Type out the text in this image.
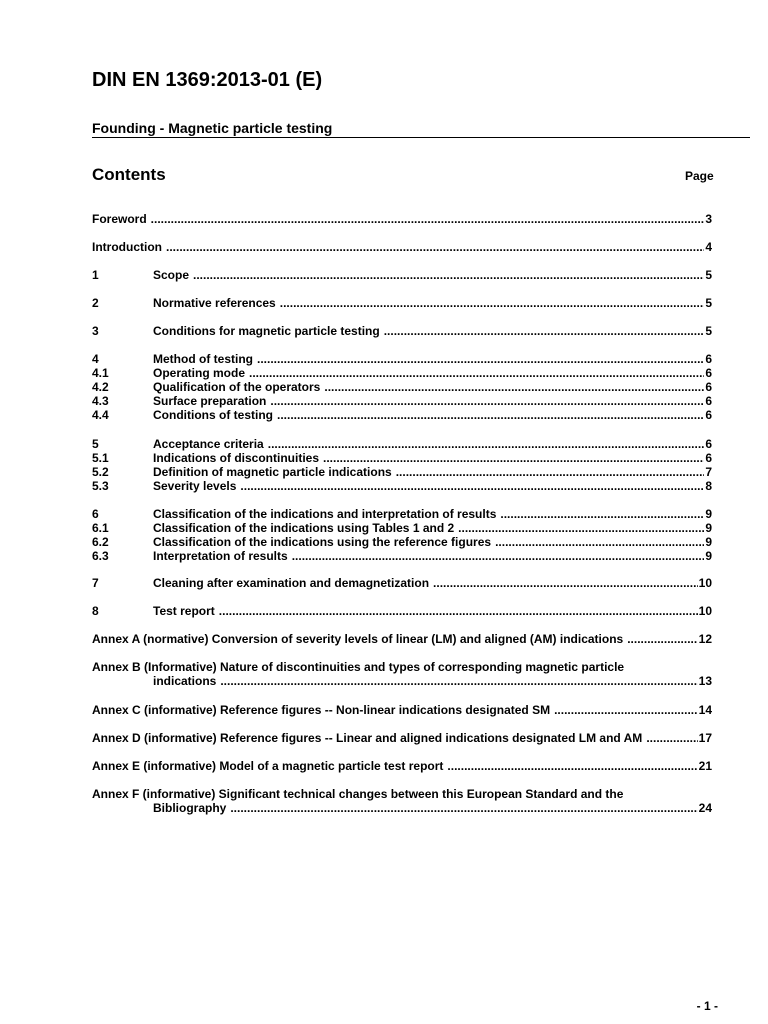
DIN EN 1369:2013-01 (E)
Founding - Magnetic particle testing
Contents	Page
Foreword .....	3
Introduction .....	4
1	Scope .....	5
2	Normative references .....	5
3	Conditions for magnetic particle testing .....	5
4	Method of testing .....	6
4.1	Operating mode .....	6
4.2	Qualification of the operators .....	6
4.3	Surface preparation .....	6
4.4	Conditions of testing .....	6
5	Acceptance criteria .....	6
5.1	Indications of discontinuities .....	6
5.2	Definition of magnetic particle indications .....	7
5.3	Severity levels .....	8
6	Classification of the indications and interpretation of results .....	9
6.1	Classification of the indications using Tables 1 and 2 .....	9
6.2	Classification of the indications using the reference figures .....	9
6.3	Interpretation of results .....	9
7	Cleaning after examination and demagnetization .....	10
8	Test report .....	10
Annex A (normative) Conversion of severity levels of linear (LM) and aligned (AM) indications .....	12
Annex B (Informative) Nature of discontinuities and types of corresponding magnetic particle
indications .....	13
Annex C (informative) Reference figures -- Non-linear indications designated SM .....	14
Annex D (informative) Reference figures -- Linear and aligned indications designated LM and AM .....	17
Annex E (informative) Model of a magnetic particle test report .....	21
Annex F (informative) Significant technical changes between this European Standard and the
Bibliography .....	24
- 1 -
